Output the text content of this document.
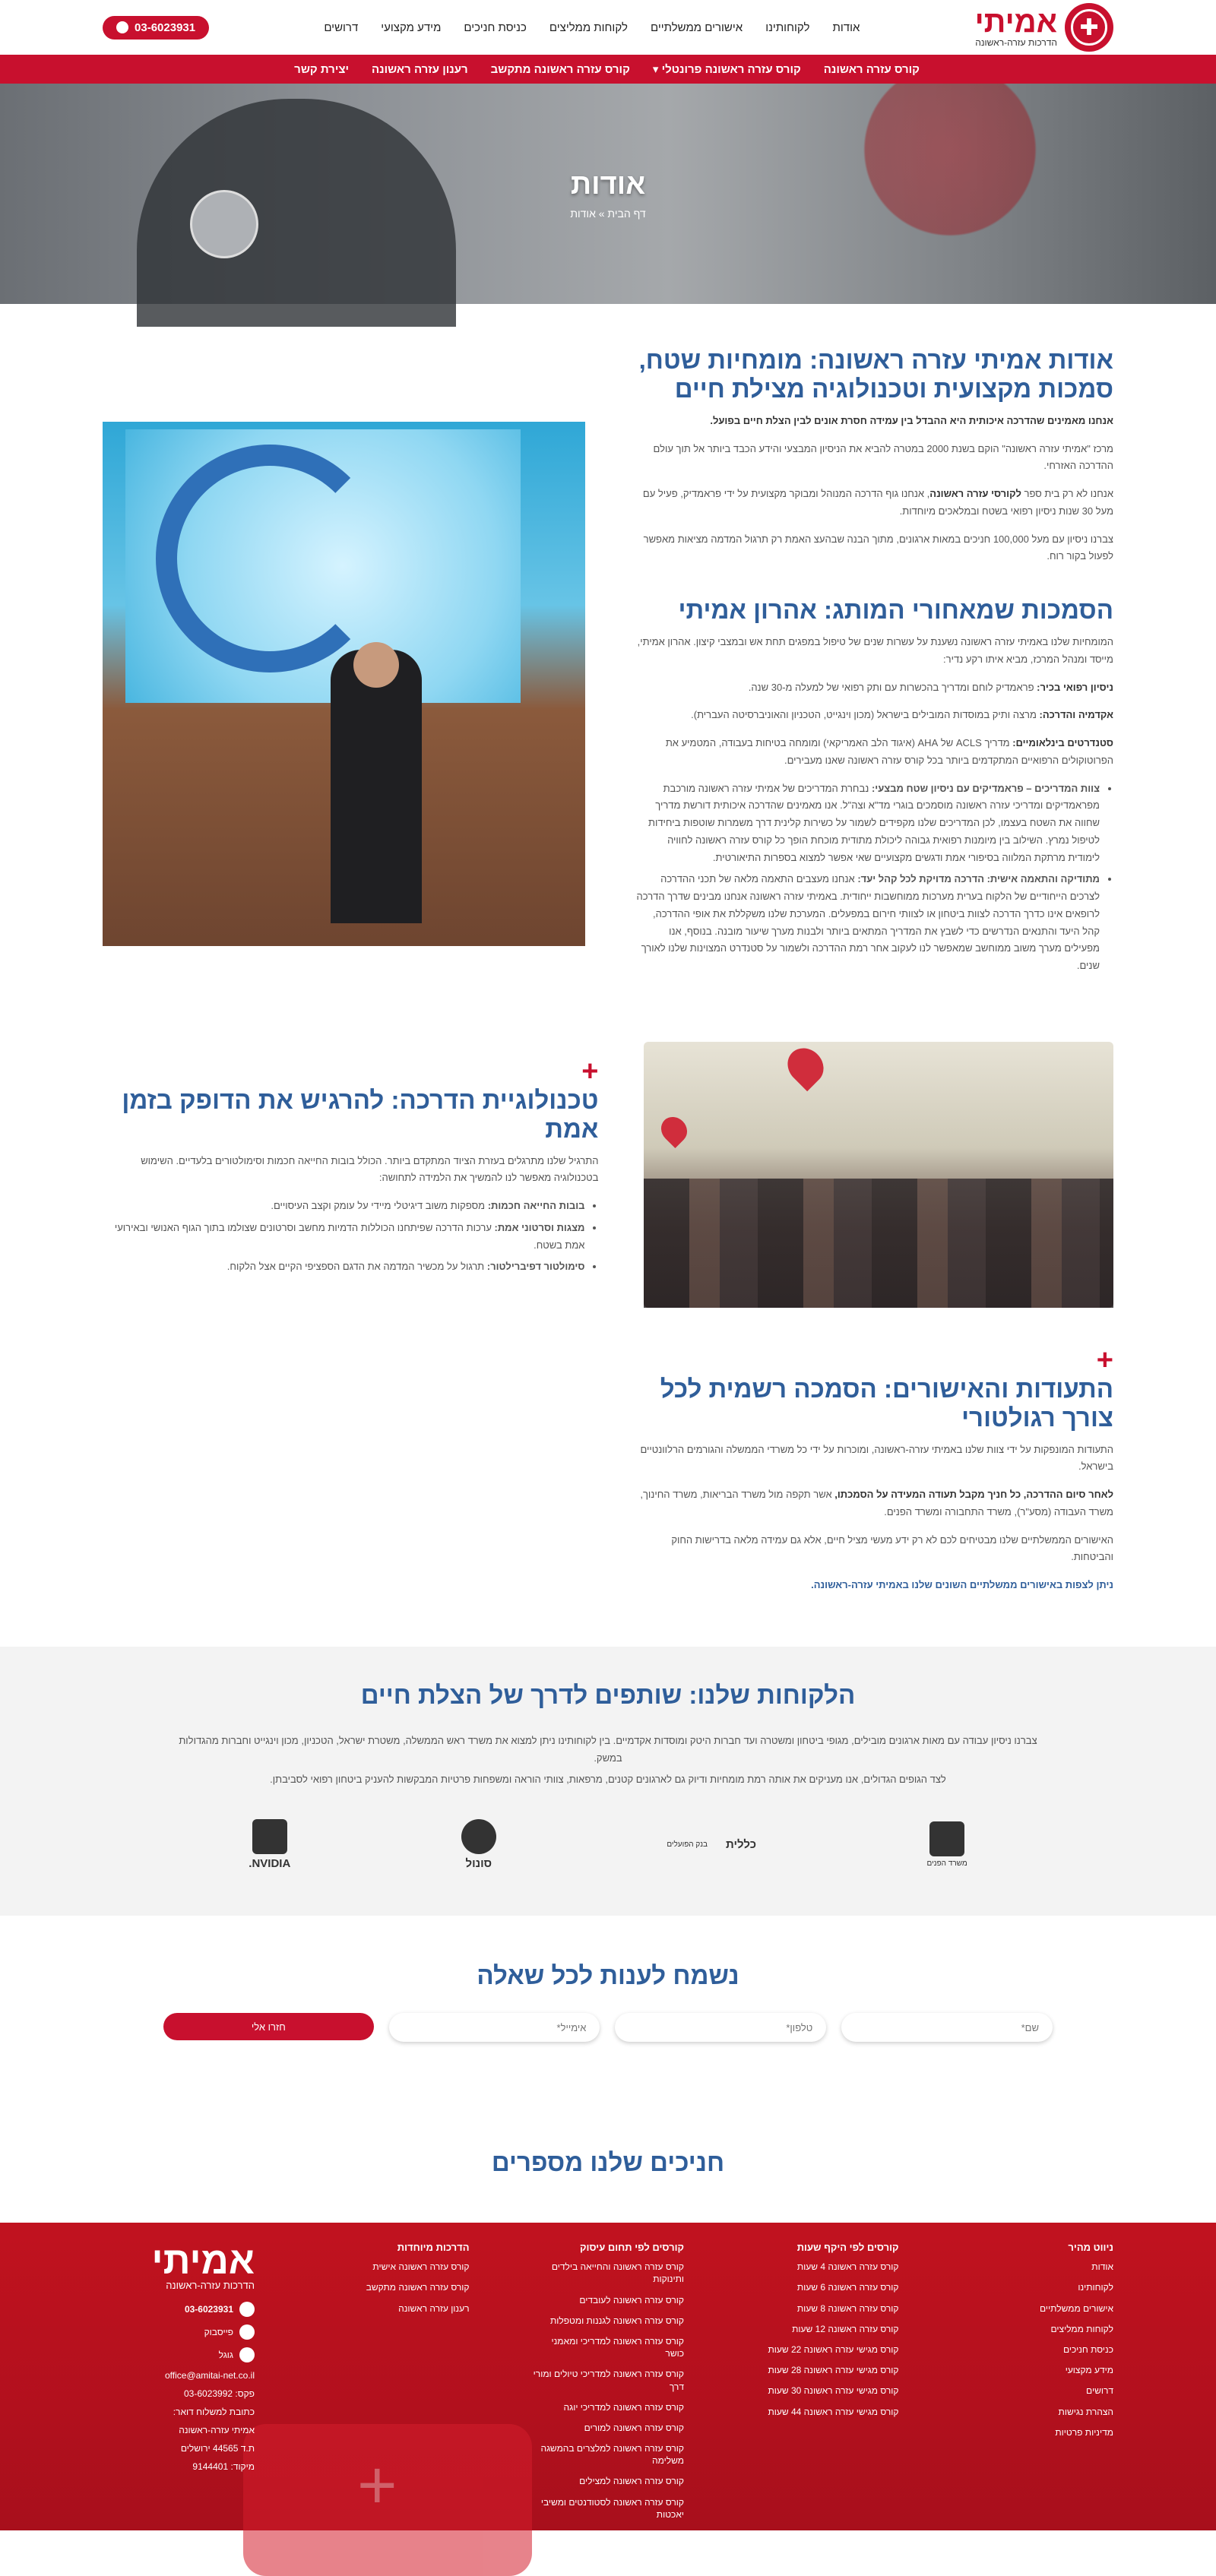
✚
אמיתי
הדרכות עזרה-ראשונה
אודות
לקוחותינו
אישורים ממשלתיים
לקוחות ממליצים
כניסת חניכים
מידע מקצועי
דרושים
03-6023931
קורס עזרה ראשונה
קורס עזרה ראשונה פרונטלי ▾
קורס עזרה ראשונה מתקשב
רענון עזרה ראשונה
יצירת קשר
אודות
דף הבית » אודות
אודות אמיתי עזרה ראשונה: מומחיות שטח, סמכות מקצועית וטכנולוגיה מצילת חיים

אנחנו מאמינים שהדרכה איכותית היא ההבדל בין עמידה חסרת אונים לבין הצלת חיים בפועל.

מרכז "אמיתי עזרה ראשונה" הוקם בשנת 2000 במטרה להביא את הניסיון המבצעי והידע הכבד ביותר אל תוך עולם ההדרכה האזרחי.

אנחנו לא רק בית ספר לקורסי עזרה ראשונה, אנחנו גוף הדרכה המנוהל ומבוקר מקצועית על ידי פראמדיק, פעיל עם מעל 30 שנות ניסיון רפואי בשטח ובמלאכים מיוחדות.

צברנו ניסיון עם מעל 100,000 חניכים במאות ארגונים, מתוך הבנה שבהעצ האמת רק תרגול המדמה מציאות מאפשר לפעול בקור רוח.

הסמכות שמאחורי המותג: אהרון אמיתי

המומחיות שלנו באמיתי עזרה ראשונה נשענת על עשרות שנים של טיפול במפגים תחת אש ובמצבי קיצון. אהרון אמיתי, מייסד ומנהל המרכז, מביא איתו רקע נדיר:

ניסיון רפואי בכיר: פראמדיק לוחם ומדריך בהכשרות עם ותק רפואי של למעלה מ-30 שנה.

אקדמיה והדרכה: מרצה ותיק במוסדות המובילים בישראל (מכון וינגייט, הטכניון והאוניברסיטה העברית).

סטנדרטים בינלאומיים: מדריך ACLS של AHA (איגוד הלב האמריקאי) ומומחה בטיחות בעבודה, המטמיע את הפרוטוקולים הרפואיים המתקדמים ביותר בכל קורס עזרה ראשונה שאנו מעבירים.

• צוות המדריכים – פראמדיקים עם ניסיון שטח מבצעי: נבחרת המדריכים של אמיתי עזרה ראשונה מורכבת מפראמדיקים ומדריכי עזרה ראשונה מוסמכים בוגרי מד"א וצה"ל. אנו מאמינים שהדרכה איכותית דורשת מדריך שחווה את השטח בעצמו, לכן המדריכים שלנו מקפידים לשמור על כשירות קלינית דרך משמרות שוטפות ביחידות לטיפול נמרץ. השילוב בין מיומנות רפואית גבוהה ליכולת מתודית מוכחת הופך כל קורס עזרה ראשונה לחוויה לימודית מרתקת המלווה בסיפורי אמת ודגשים מקצועיים שאי אפשר למצוא בספרות התיאורטית.
• מתודיקה והתאמה אישית: הדרכה מדויקת לכל קהל יעד: אנחנו מעצבים התאמה מלאה של תכני ההדרכה לצרכים הייחודיים של הלקוח בערית מערכות ממוחשבות ייחודית. באמיתי עזרה ראשונה אנחנו מבינים שדרך הדרכה לרופאים אינו כדרך הדרכה לצוות ביטחון או לצוותי חירום במפעלים. המערכת שלנו משקללת את אופי ההדרכה, קהל היעד והתנאים הנדרשים כדי לשבץ את המדריך המתאים ביותר ולבנות מערך שיעור מובנה. בנוסף, אנו מפעילים מערך משוב ממוחשב שמאפשר לנו לעקוב אחר רמת ההדרכה ולשמור על סטנדרט המצוינות שלנו לאורך שנים.
+
טכנולוגיית הדרכה: להרגיש את הדופק בזמן אמת

התרגיל שלנו מתרגלים בעזרת הציוד המתקדם ביותר. הכולל בובות החייאה חכמות וסימולטורים בלעדיים. השימוש בטכנולוגיה מאפשר לנו להמשיך את הלמידה לתחושה:

• בובות החייאה חכמות: מספקות משוב דיגיטלי מיידי על עומק וקצב העיסויים.
• מצגות וסרטוני אמת: ערכות הדרכה שפיתחנו הכוללות הדמיות מחשב וסרטונים שצולמו בתוך הגוף האנושי ובאירועי אמת בשטח.
• סימולטור דפיברילטור: תרגול על מכשיר המדמה את הדגם הספציפי הקיים אצל הלקוח.
+
התעודות והאישורים: הסמכה רשמית לכל צורך רגולטורי

התעודות המונפקות על ידי צוות שלנו באמיתי עזרה-ראשונה, ומוכרות על ידי כל משרדי הממשלה והגורמים הרלוונטיים בישראל.

לאחר סיום ההדרכה, כל חניך מקבל תעודה המעידה על הסמכתו, אשר תקפה מול משרד הבריאות, משרד החינוך, משרד העבודה (מסע"ר), משרד התחבורה ומשרד הפנים.

האישורים הממשלתיים שלנו מבטיחים לכם לא רק ידע מעשי מציל חיים, אלא גם עמידה מלאה בדרישות החוק והביטחות.

ניתן לצפות באישורים ממשלתיים השונים שלנו באמיתי עזרה-ראשונה.

הלקוחות שלנו: שותפים לדרך של הצלת חיים

צברנו ניסיון עבודה עם מאות ארגונים מובילים, מגופי ביטחון ומשטרה ועד חברות היטק ומוסדות אקדמיים. בין לקוחותינו ניתן למצוא את משרד ראש הממשלה, משטרת ישראל, הטכניון, מכון וינגייט וחברות מהגדולות במשק.

לצד הגופים הגדולים, אנו מעניקים את אותה רמת מומחיות ודיוק גם לארגונים קטנים, מרפאות, צוותי הוראה ומשפחות פרטיות המבקשות להעניק ביטחון רפואי לסביבתן.

משרד הפנים
כללית
בנק הפועלים
סונול
NVIDIA.
נשמח לענות לכל שאלה
שם*
טלפון*
אימייל*
חזרו אלי
חניכים שלנו מספרים
+
ניווט מהיר
אודות
לקוחותינו
אישורים ממשלתיים
לקוחות ממליצים
כניסת חניכים
מידע מקצועי
דרושים
הצהרת נגישות
מדיניות פרטיות
קורסים לפי היקף שעות
קורס עזרה ראשונה 4 שעות
קורס עזרה ראשונה 6 שעות
קורס עזרה ראשונה 8 שעות
קורס עזרה ראשונה 12 שעות
קורס מגישי עזרה ראשונה 22 שעות
קורס מגישי עזרה ראשונה 28 שעות
קורס מגישי עזרה ראשונה 30 שעות
קורס מגישי עזרה ראשונה 44 שעות
קורסים לפי תחום עיסוק
קורס עזרה ראשונה והחייאה בילדים ותינוקות
קורס עזרה ראשונה לעובדים
קורס עזרה ראשונה לגננות ומטפלות
קורס עזרה ראשונה למדריכי ומאמני כושר
קורס עזרה ראשונה למדריכי טיולים ומורי דרך
קורס עזרה ראשונה למדריכי יוגה
קורס עזרה ראשונה למורים
קורס עזרה ראשונה למלצרים בהמשגה משלימה
קורס עזרה ראשונה למצילים
קורס עזרה ראשונה לסטודנטים ומשיבי יאכטות
קורס עזרה ראשונה לאנשי אבטחה
הדרכות מיוחדות
קורס עזרה ראשונה אישית
קורס עזרה ראשונה מתקשב
רענון עזרה ראשונה
אמיתי
הדרכות עזרה-ראשונה
03-6023931
פייסבוק
גוגל
office@amitai-net.co.il
פקס: 03-6023992
כתובת למשלוח דואר:
אמיתי עזרה-ראשונה
ת.ד 44565 ירושלים
מיקוד: 9144401
